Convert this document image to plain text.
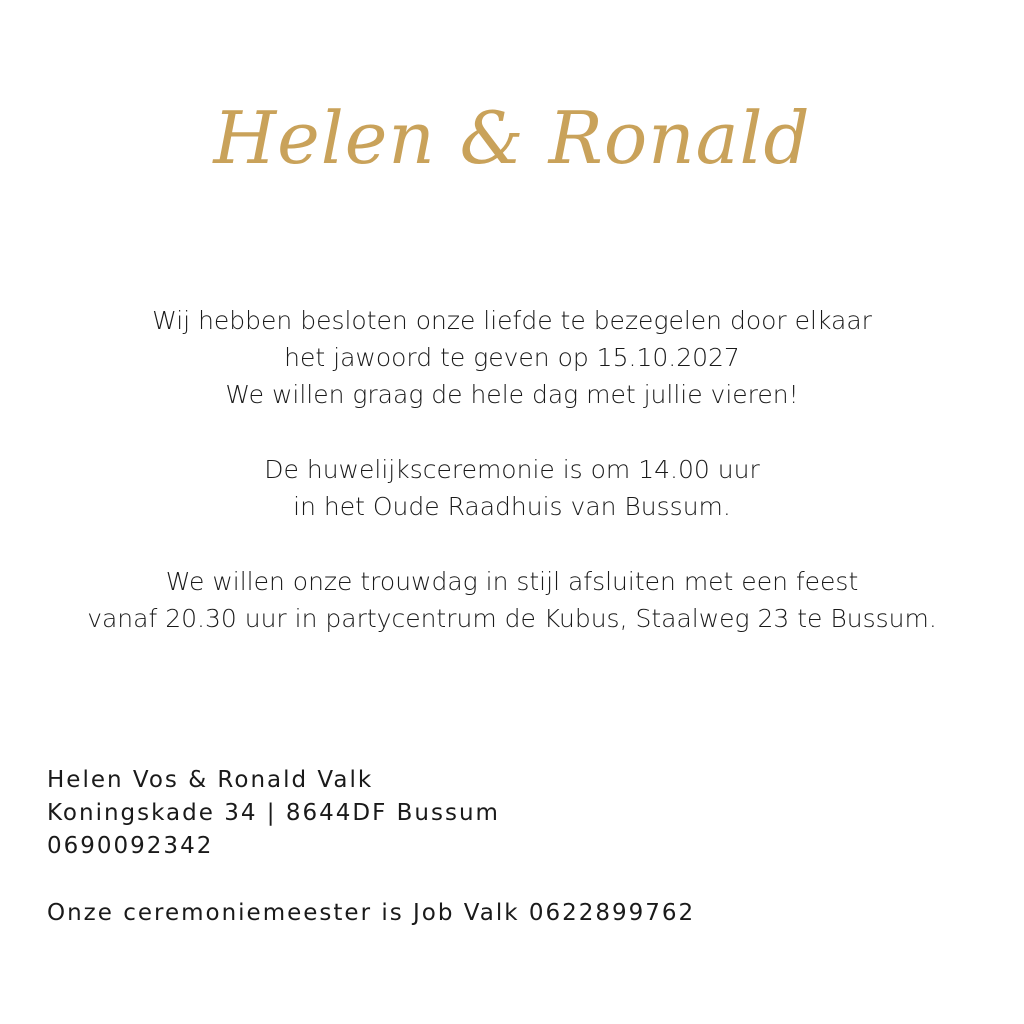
Helen & Ronald
Wij hebben besloten onze liefde te bezegelen door elkaar
het jawoord te geven op 15.10.2027
We willen graag de hele dag met jullie vieren!
De huwelijksceremonie is om 14.00 uur
in het Oude Raadhuis van Bussum.
We willen onze trouwdag in stijl afsluiten met een feest
vanaf 20.30 uur in partycentrum de Kubus, Staalweg 23 te Bussum.
Helen Vos & Ronald Valk
Koningskade 34 | 8644DF Bussum
0690092342
Onze ceremoniemeester is Job Valk 0622899762
